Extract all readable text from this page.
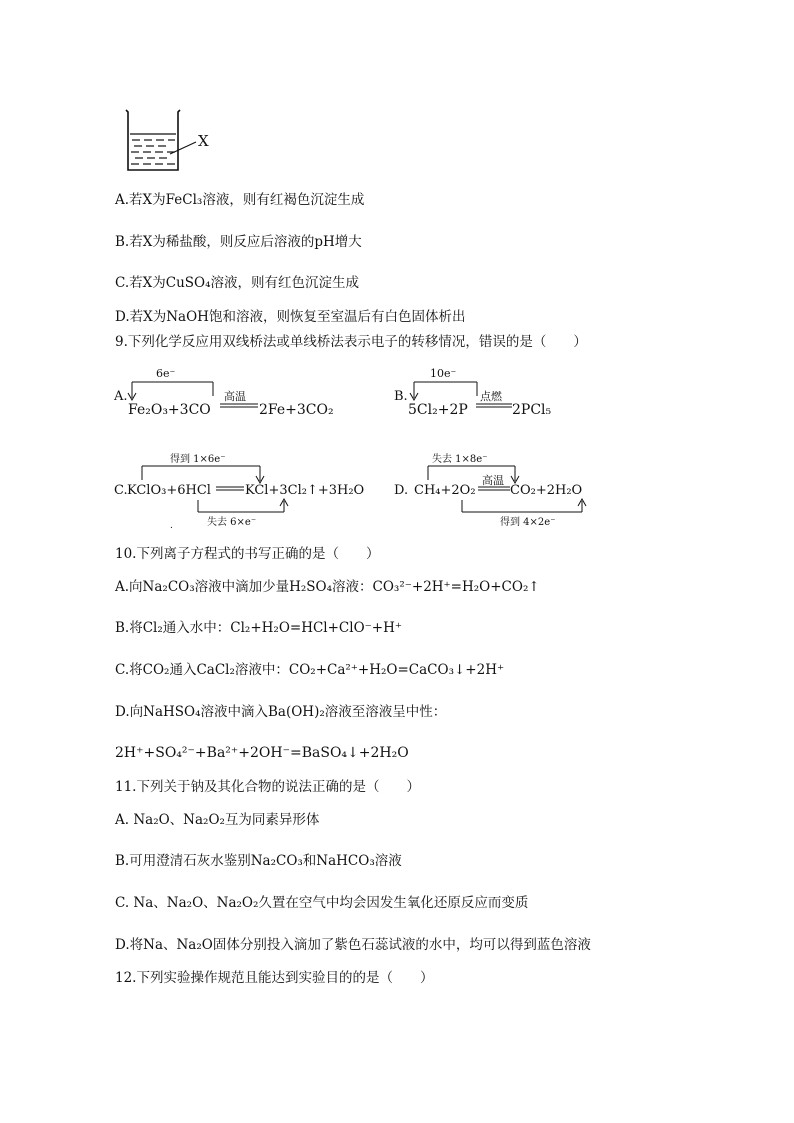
X
A.若X为FeCl₃溶液，则有红褐色沉淀生成
B.若X为稀盐酸，则反应后溶液的pH增大
C.若X为CuSO₄溶液，则有红色沉淀生成
D.若X为NaOH饱和溶液，则恢复至室温后有白色固体析出
9.下列化学反应用双线桥法或单线桥法表示电子的转移情况，错误的是（　　）
A.
6e⁻
高温
Fe₂O₃+3CO	2Fe+3CO₂
B.
10e⁻
点燃
5Cl₂+2P	2PCl₅
得到 1×6e⁻
C. KClO₃+6HCl	KCl+3Cl₂↑+3H₂O
失去 6×e⁻
.
失去 1×8e⁻
高温
D. CH₄+2O₂	CO₂+2H₂O
得到 4×2e⁻
10.下列离子方程式的书写正确的是（　　）
A.向Na₂CO₃溶液中滴加少量H₂SO₄溶液：CO₃²⁻+2H⁺=H₂O+CO₂↑
B.将Cl₂通入水中：Cl₂+H₂O=HCl+ClO⁻+H⁺
C.将CO₂通入CaCl₂溶液中：CO₂+Ca²⁺+H₂O=CaCO₃↓+2H⁺
D.向NaHSO₄溶液中滴入Ba(OH)₂溶液至溶液呈中性：
2H⁺+SO₄²⁻+Ba²⁺+2OH⁻=BaSO₄↓+2H₂O
11.下列关于钠及其化合物的说法正确的是（　　）
A. Na₂O、Na₂O₂互为同素异形体
B.可用澄清石灰水鉴别Na₂CO₃和NaHCO₃溶液
C. Na、Na₂O、Na₂O₂久置在空气中均会因发生氧化还原反应而变质
D.将Na、Na₂O固体分别投入滴加了紫色石蕊试液的水中，均可以得到蓝色溶液
12.下列实验操作规范且能达到实验目的的是（　　）
